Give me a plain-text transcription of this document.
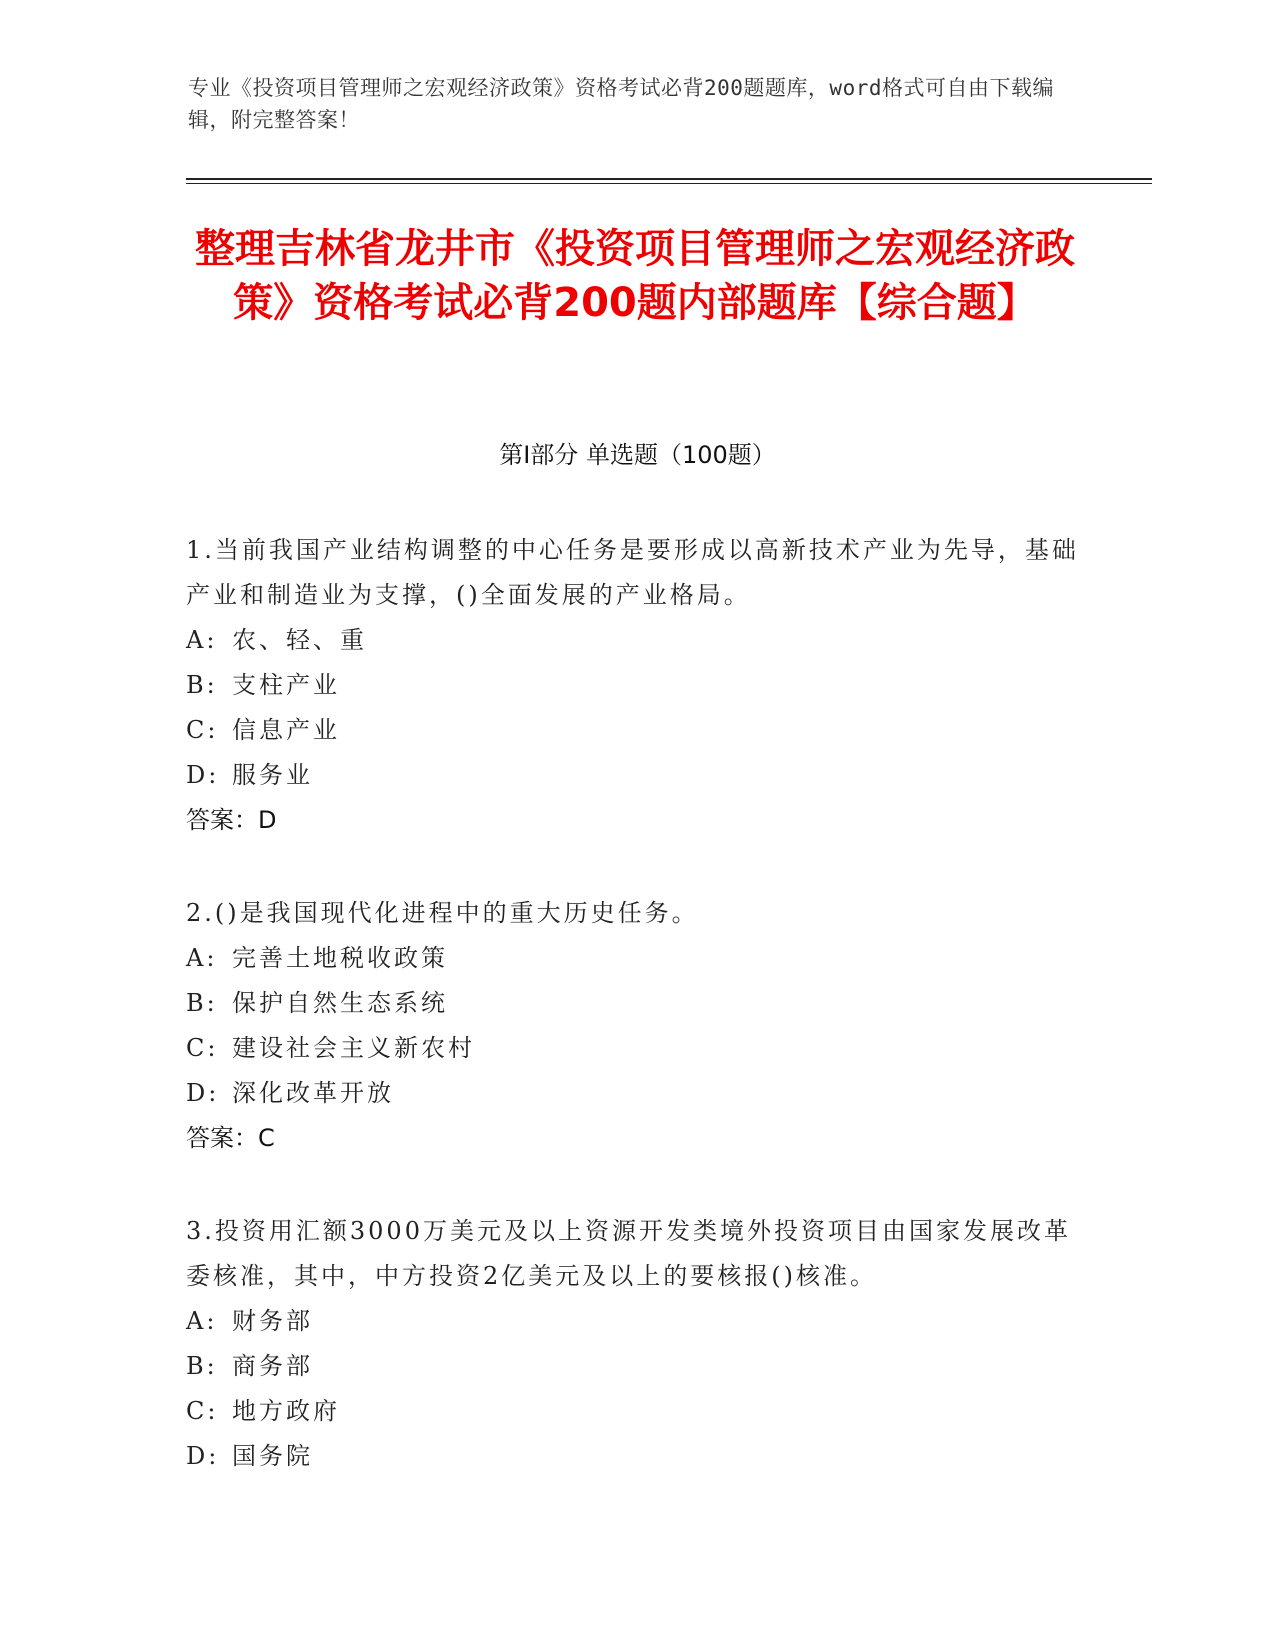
专业《投资项目管理师之宏观经济政策》资格考试必背200题题库，word格式可自由下载编辑，附完整答案！
整理吉林省龙井市《投资项目管理师之宏观经济政策》资格考试必背200题内部题库【综合题】
第Ⅰ部分 单选题（100题）
1.当前我国产业结构调整的中心任务是要形成以高新技术产业为先导，基础产业和制造业为支撑，()全面发展的产业格局。
A: 农、轻、重
B: 支柱产业
C: 信息产业
D: 服务业
答案：D
2.()是我国现代化进程中的重大历史任务。
A: 完善土地税收政策
B: 保护自然生态系统
C: 建设社会主义新农村
D: 深化改革开放
答案：C
3.投资用汇额3000万美元及以上资源开发类境外投资项目由国家发展改革委核准，其中，中方投资2亿美元及以上的要核报()核准。
A: 财务部
B: 商务部
C: 地方政府
D: 国务院
